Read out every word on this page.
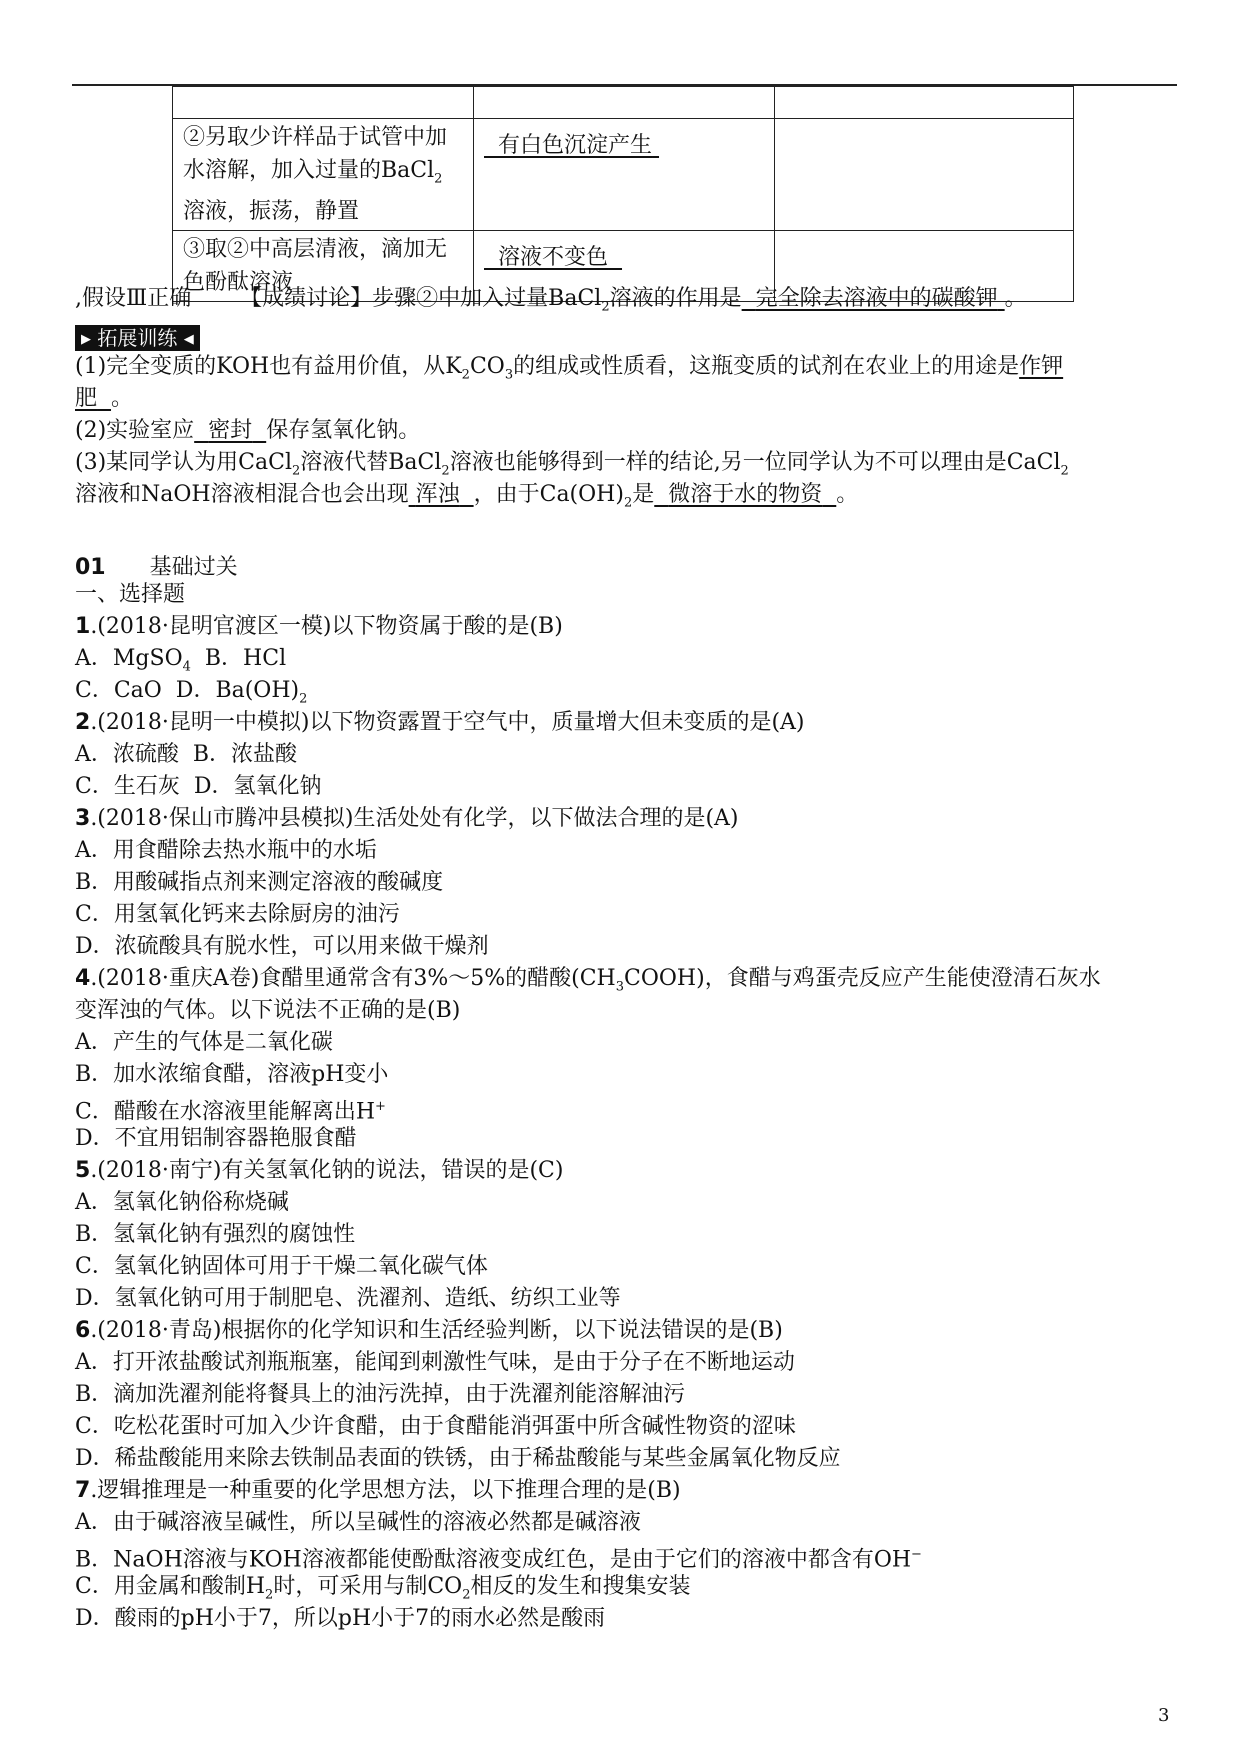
②另取少许样品于试管中加水溶解，加入过量的BaCl$_2$溶液，振荡，静置	有白色沉淀产生	
③取②中高层清液，滴加无色酚酞溶液	溶液不变色	
,假设Ⅲ正确 【成绩讨论】步骤②中加入过量BaCl$_2$溶液的作用是 完全除去溶液中的碳酸钾 。
▶ 拓展训练 ◀
(1)完全变质的KOH也有益用价值，从$K_2CO_3$的组成或性质看，这瓶变质的试剂在农业上的用途是作钾
肥 。
(2)实验室应 密封 保存氢氧化钠。
(3)某同学认为用CaCl$_2$溶液代替BaCl$_2$溶液也能够得到一样的结论,另一位同学认为不可以理由是CaCl$_2$
溶液和NaOH溶液相混合也会出现 浑浊 ，由于$Ca(OH)_2$是 微溶于水的物资 。
01 基础过关
一、选择题
1.(2018·昆明官渡区一模)以下物资属于酸的是(B)
A．MgSO$_4$  B．HCl
C．CaO  D．$Ba(OH)_2$
2.(2018·昆明一中模拟)以下物资露置于空气中，质量增大但未变质的是(A)
A．浓硫酸  B．浓盐酸
C．生石灰  D．氢氧化钠
3.(2018·保山市腾冲县模拟)生活处处有化学，以下做法合理的是(A)
A．用食醋除去热水瓶中的水垢
B．用酸碱指点剂来测定溶液的酸碱度
C．用氢氧化钙来去除厨房的油污
D．浓硫酸具有脱水性，可以用来做干燥剂
4.(2018·重庆A卷)食醋里通常含有3%～5%的醋酸$(CH_3COOH)$，食醋与鸡蛋壳反应产生能使澄清石灰水
变浑浊的气体。以下说法不正确的是(B)
A．产生的气体是二氧化碳
B．加水浓缩食醋，溶液pH变小
C．醋酸在水溶液里能解离出H+
D．不宜用铝制容器艳服食醋
5.(2018·南宁)有关氢氧化钠的说法，错误的是(C)
A．氢氧化钠俗称烧碱
B．氢氧化钠有强烈的腐蚀性
C．氢氧化钠固体可用于干燥二氧化碳气体
D．氢氧化钠可用于制肥皂、洗濯剂、造纸、纺织工业等
6.(2018·青岛)根据你的化学知识和生活经验判断，以下说法错误的是(B)
A．打开浓盐酸试剂瓶瓶塞，能闻到刺激性气味，是由于分子在不断地运动
B．滴加洗濯剂能将餐具上的油污洗掉，由于洗濯剂能溶解油污
C．吃松花蛋时可加入少许食醋，由于食醋能消弭蛋中所含碱性物资的涩味
D．稀盐酸能用来除去铁制品表面的铁锈，由于稀盐酸能与某些金属氧化物反应
7.逻辑推理是一种重要的化学思想方法，以下推理合理的是(B)
A．由于碱溶液呈碱性，所以呈碱性的溶液必然都是碱溶液
B．NaOH溶液与KOH溶液都能使酚酞溶液变成红色，是由于它们的溶液中都含有OH−
C．用金属和酸制$H_2$时，可采用与制$CO_2$相反的发生和搜集安装
D．酸雨的pH小于7，所以pH小于7的雨水必然是酸雨
3
